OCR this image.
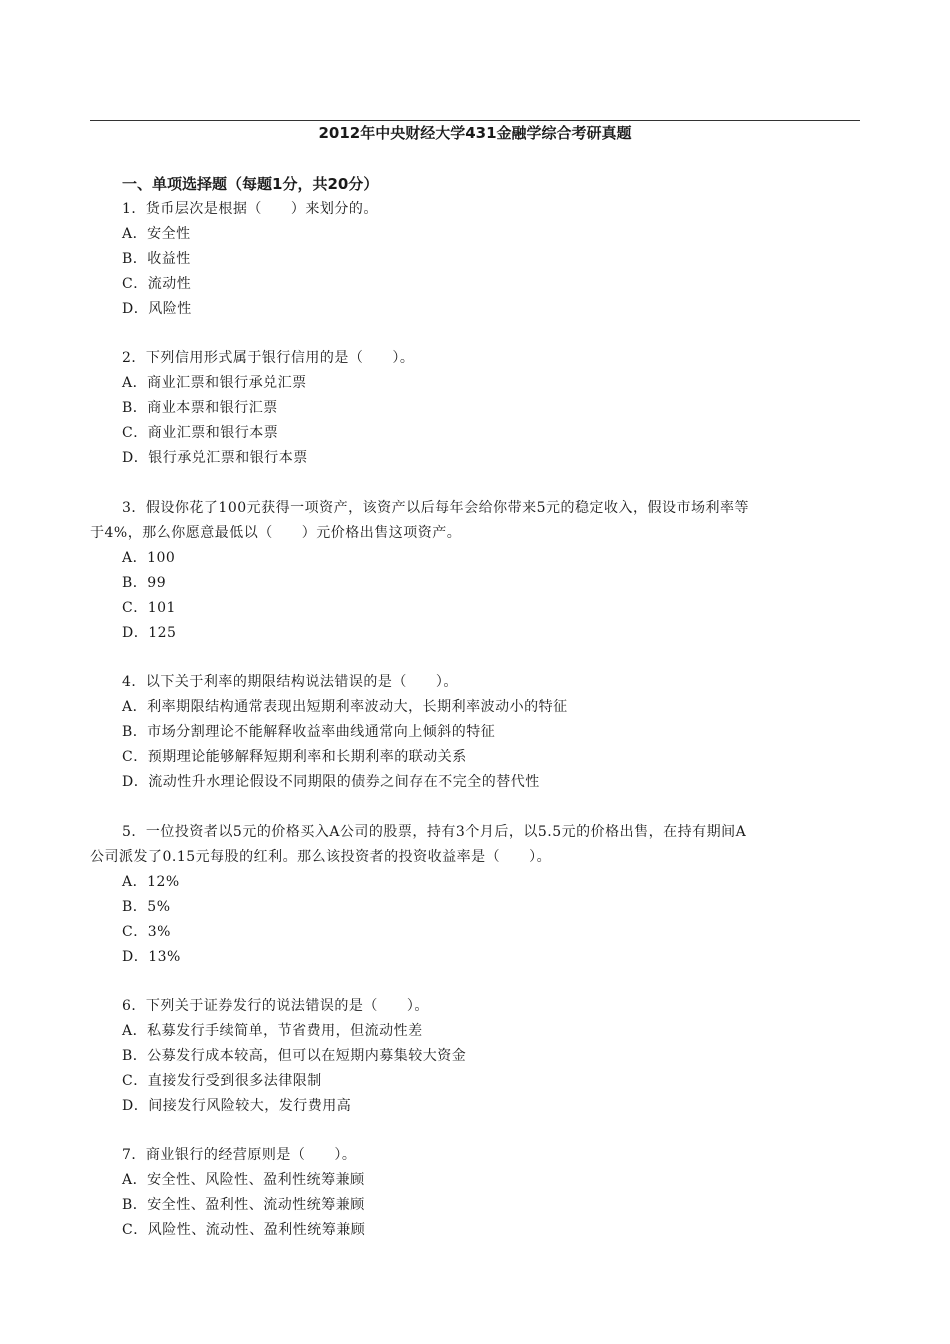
2012年中央财经大学431金融学综合考研真题
一、单项选择题（每题1分，共20分）
1．货币层次是根据（　　）来划分的。
A．安全性
B．收益性
C．流动性
D．风险性
2．下列信用形式属于银行信用的是（　　）。
A．商业汇票和银行承兑汇票
B．商业本票和银行汇票
C．商业汇票和银行本票
D．银行承兑汇票和银行本票
3．假设你花了100元获得一项资产，该资产以后每年会给你带来5元的稳定收入，假设市场利率等
于4%，那么你愿意最低以（　　）元价格出售这项资产。
A．100
B．99
C．101
D．125
4．以下关于利率的期限结构说法错误的是（　　）。
A．利率期限结构通常表现出短期利率波动大，长期利率波动小的特征
B．市场分割理论不能解释收益率曲线通常向上倾斜的特征
C．预期理论能够解释短期利率和长期利率的联动关系
D．流动性升水理论假设不同期限的债券之间存在不完全的替代性
5．一位投资者以5元的价格买入A公司的股票，持有3个月后，以5.5元的价格出售，在持有期间A
公司派发了0.15元每股的红利。那么该投资者的投资收益率是（　　）。
A．12%
B．5%
C．3%
D．13%
6．下列关于证券发行的说法错误的是（　　）。
A．私募发行手续简单，节省费用，但流动性差
B．公募发行成本较高，但可以在短期内募集较大资金
C．直接发行受到很多法律限制
D．间接发行风险较大，发行费用高
7．商业银行的经营原则是（　　）。
A．安全性、风险性、盈利性统筹兼顾
B．安全性、盈利性、流动性统筹兼顾
C．风险性、流动性、盈利性统筹兼顾
